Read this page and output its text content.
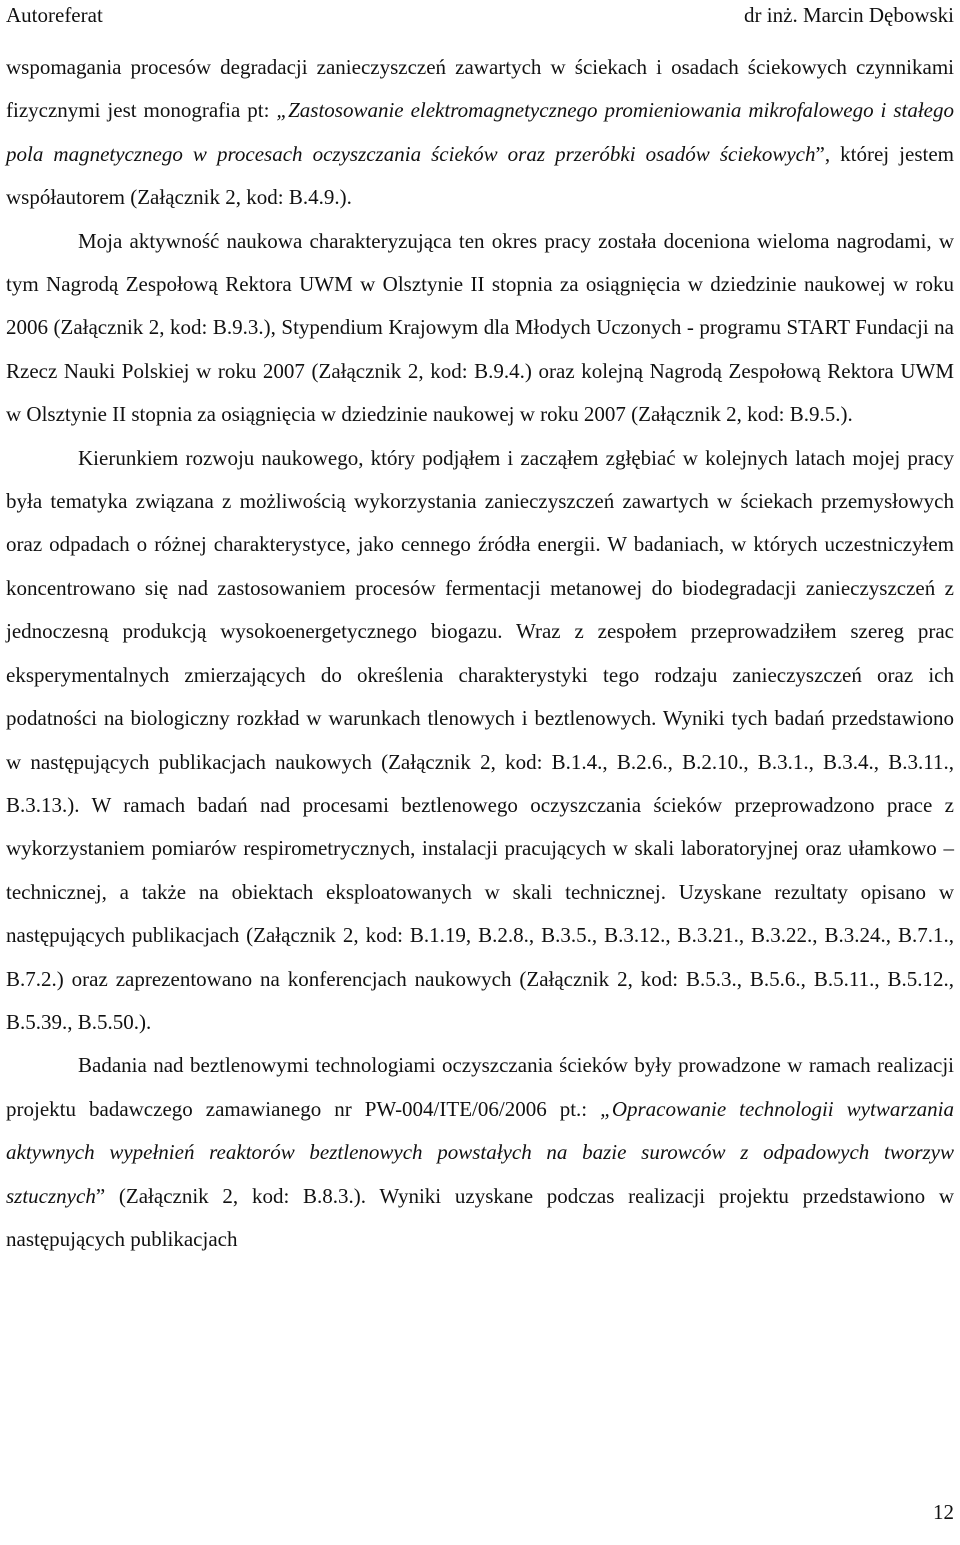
Autoreferat	dr inż. Marcin Dębowski

wspomagania procesów degradacji zanieczyszczeń zawartych w ściekach i osadach ściekowych czynnikami fizycznymi jest monografia pt: „Zastosowanie elektromagnetycznego promieniowania mikrofalowego i stałego pola magnetycznego w procesach oczyszczania ścieków oraz przeróbki osadów ściekowych”, której jestem współautorem (Załącznik 2, kod: B.4.9.).

Moja aktywność naukowa charakteryzująca ten okres pracy została doceniona wieloma nagrodami, w tym Nagrodą Zespołową Rektora UWM w Olsztynie II stopnia za osiągnięcia w dziedzinie naukowej w roku 2006 (Załącznik 2, kod: B.9.3.), Stypendium Krajowym dla Młodych Uczonych - programu START Fundacji na Rzecz Nauki Polskiej w roku 2007 (Załącznik 2, kod: B.9.4.) oraz kolejną Nagrodą Zespołową Rektora UWM w Olsztynie II stopnia za osiągnięcia w dziedzinie naukowej w roku 2007 (Załącznik 2, kod: B.9.5.).

Kierunkiem rozwoju naukowego, który podjąłem i zacząłem zgłębiać w kolejnych latach mojej pracy była tematyka związana z możliwością wykorzystania zanieczyszczeń zawartych w ściekach przemysłowych oraz odpadach o różnej charakterystyce, jako cennego źródła energii. W badaniach, w których uczestniczyłem koncentrowano się nad zastosowaniem procesów fermentacji metanowej do biodegradacji zanieczyszczeń z jednoczesną produkcją wysokoenergetycznego biogazu. Wraz z zespołem przeprowadziłem szereg prac eksperymentalnych zmierzających do określenia charakterystyki tego rodzaju zanieczyszczeń oraz ich podatności na biologiczny rozkład w warunkach tlenowych i beztlenowych. Wyniki tych badań przedstawiono w następujących publikacjach naukowych (Załącznik 2, kod: B.1.4., B.2.6., B.2.10., B.3.1., B.3.4., B.3.11., B.3.13.). W ramach badań nad procesami beztlenowego oczyszczania ścieków przeprowadzono prace z wykorzystaniem pomiarów respirometrycznych, instalacji pracujących w skali laboratoryjnej oraz ułamkowo – technicznej, a także na obiektach eksploatowanych w skali technicznej. Uzyskane rezultaty opisano w następujących publikacjach (Załącznik 2, kod: B.1.19, B.2.8., B.3.5., B.3.12., B.3.21., B.3.22., B.3.24., B.7.1., B.7.2.) oraz zaprezentowano na konferencjach naukowych (Załącznik 2, kod: B.5.3., B.5.6., B.5.11., B.5.12., B.5.39., B.5.50.).

Badania nad beztlenowymi technologiami oczyszczania ścieków były prowadzone w ramach realizacji projektu badawczego zamawianego nr PW-004/ITE/06/2006 pt.: „Opracowanie technologii wytwarzania aktywnych wypełnień reaktorów beztlenowych powstałych na bazie surowców z odpadowych tworzyw sztucznych” (Załącznik 2, kod: B.8.3.). Wyniki uzyskane podczas realizacji projektu przedstawiono w następujących publikacjach

12
